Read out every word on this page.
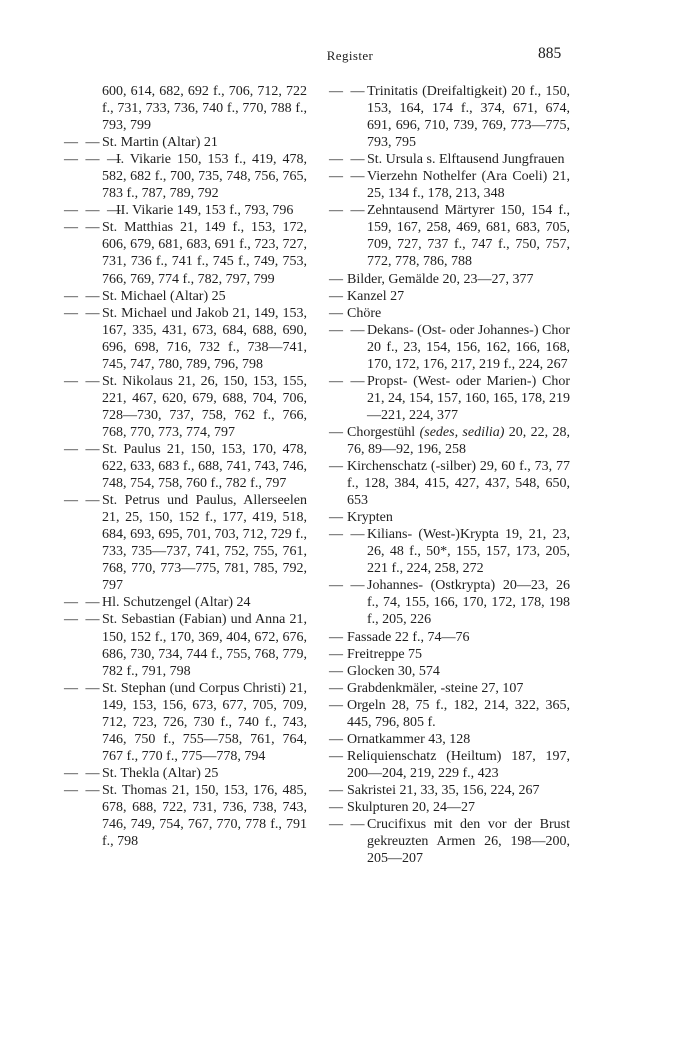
Register	885
600, 614, 682, 692 f., 706, 712, 722 f., 731, 733, 736, 740 f., 770, 788 f., 793, 799
— — St. Martin (Altar) 21
— — —
I. Vikarie 150, 153 f., 419, 478, 582, 682 f., 700, 735, 748, 756, 765, 783 f., 787, 789, 792
— — —
II. Vikarie 149, 153 f., 793, 796
— — St. Matthias 21, 149 f., 153, 172, 606, 679, 681, 683, 691 f., 723, 727, 731, 736 f., 741 f., 745 f., 749, 753, 766, 769, 774 f., 782, 797, 799
— — St. Michael (Altar) 25
— — St. Michael und Jakob 21, 149, 153, 167, 335, 431, 673, 684, 688, 690, 696, 698, 716, 732 f., 738—741, 745, 747, 780, 789, 796, 798
— — St. Nikolaus 21, 26, 150, 153, 155, 221, 467, 620, 679, 688, 704, 706, 728—730, 737, 758, 762 f., 766, 768, 770, 773, 774, 797
— — St. Paulus 21, 150, 153, 170, 478, 622, 633, 683 f., 688, 741, 743, 746, 748, 754, 758, 760 f., 782 f., 797
— — St. Petrus und Paulus, Allerseelen 21, 25, 150, 152 f., 177, 419, 518, 684, 693, 695, 701, 703, 712, 729 f., 733, 735—737, 741, 752, 755, 761, 768, 770, 773—775, 781, 785, 792, 797
— — Hl. Schutzengel (Altar) 24
— — St. Sebastian (Fabian) und Anna 21, 150, 152 f., 170, 369, 404, 672, 676, 686, 730, 734, 744 f., 755, 768, 779, 782 f., 791, 798
— — St. Stephan (und Corpus Christi) 21, 149, 153, 156, 673, 677, 705, 709, 712, 723, 726, 730 f., 740 f., 743, 746, 750 f., 755—758, 761, 764, 767 f., 770 f., 775—778, 794
— — St. Thekla (Altar) 25
— — St. Thomas 21, 150, 153, 176, 485, 678, 688, 722, 731, 736, 738, 743, 746, 749, 754, 767, 770, 778 f., 791 f., 798
— — Trinitatis (Dreifaltigkeit) 20 f., 150, 153, 164, 174 f., 374, 671, 674, 691, 696, 710, 739, 769, 773—775, 793, 795
— — St. Ursula s. Elftausend Jungfrauen
— — Vierzehn Nothelfer (Ara Coeli) 21, 25, 134 f., 178, 213, 348
— — Zehntausend Märtyrer 150, 154 f., 159, 167, 258, 469, 681, 683, 705, 709, 727, 737 f., 747 f., 750, 757, 772, 778, 786, 788
— Bilder, Gemälde 20, 23—27, 377
— Kanzel 27
— Chöre
— — Dekans- (Ost- oder Johannes-) Chor 20 f., 23, 154, 156, 162, 166, 168, 170, 172, 176, 217, 219 f., 224, 267
— — Propst- (West- oder Marien-) Chor 21, 24, 154, 157, 160, 165, 178, 219—221, 224, 377
— Chorgestühl (sedes, sedilia) 20, 22, 28, 76, 89—92, 196, 258
— Kirchenschatz (-silber) 29, 60 f., 73, 77 f., 128, 384, 415, 427, 437, 548, 650, 653
— Krypten
— — Kilians- (West-)Krypta 19, 21, 23, 26, 48 f., 50*, 155, 157, 173, 205, 221 f., 224, 258, 272
— — Johannes- (Ostkrypta) 20—23, 26 f., 74, 155, 166, 170, 172, 178, 198 f., 205, 226
— Fassade 22 f., 74—76
— Freitreppe 75
— Glocken 30, 574
— Grabdenkmäler, -steine 27, 107
— Orgeln 28, 75 f., 182, 214, 322, 365, 445, 796, 805 f.
— Ornatkammer 43, 128
— Reliquienschatz (Heiltum) 187, 197, 200—204, 219, 229 f., 423
— Sakristei 21, 33, 35, 156, 224, 267
— Skulpturen 20, 24—27
— — Crucifixus mit den vor der Brust gekreuzten Armen 26, 198—200, 205—207
